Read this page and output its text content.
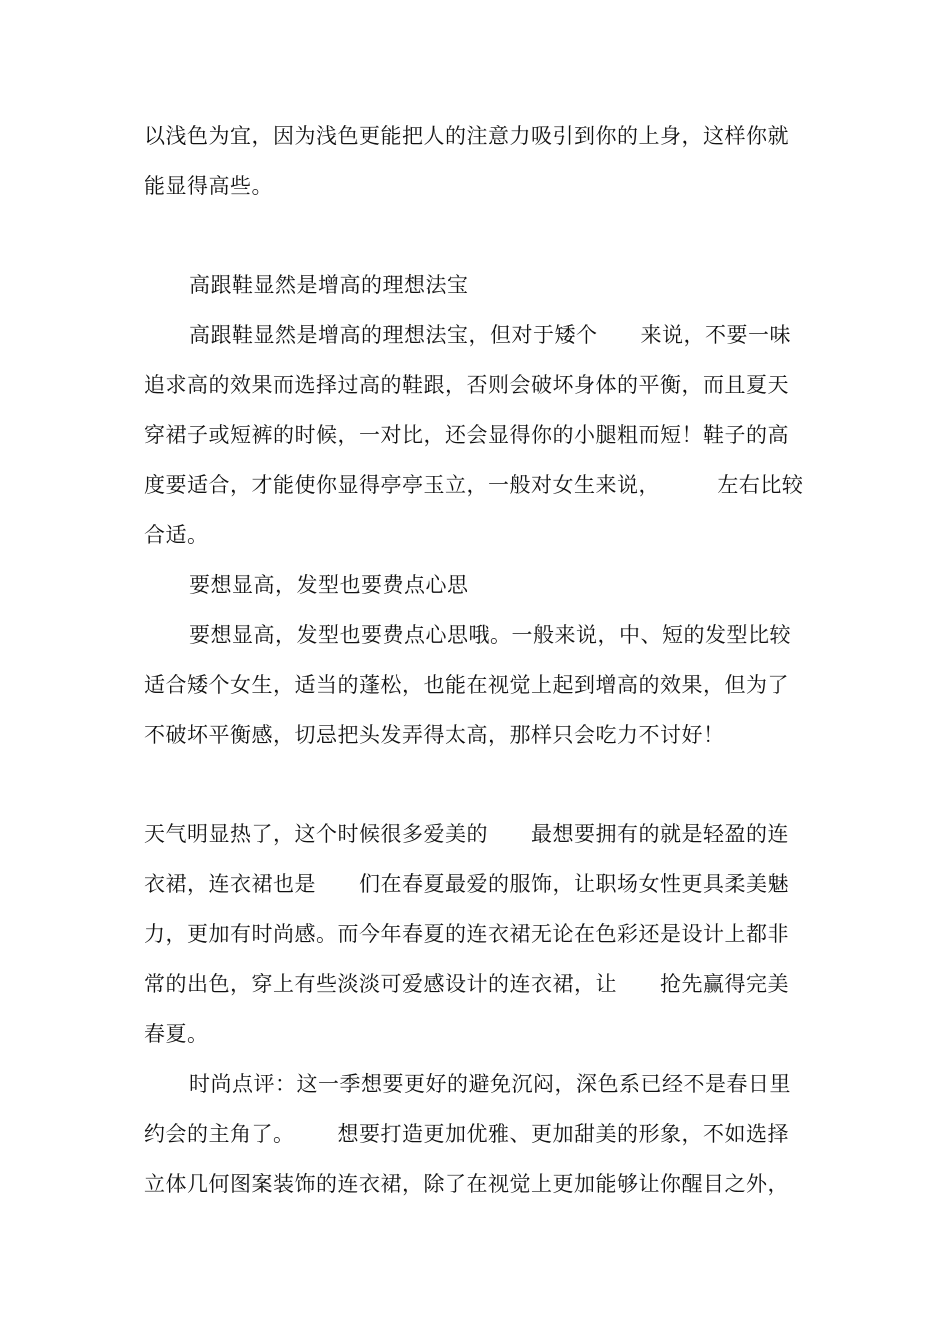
以浅色为宜，因为浅色更能把人的注意力吸引到你的上身，这样你就
能显得高些。
高跟鞋显然是增高的理想法宝
高跟鞋显然是增高的理想法宝，但对于矮个      来说，不要一味
追求高的效果而选择过高的鞋跟，否则会破坏身体的平衡，而且夏天
穿裙子或短裤的时候，一对比，还会显得你的小腿粗而短！鞋子的高
度要适合，才能使你显得亭亭玉立，一般对女生来说，        左右比较
合适。
要想显高，发型也要费点心思
要想显高，发型也要费点心思哦。一般来说，中、短的发型比较
适合矮个女生，适当的蓬松，也能在视觉上起到增高的效果，但为了
不破坏平衡感，切忌把头发弄得太高，那样只会吃力不讨好！
天气明显热了，这个时候很多爱美的      最想要拥有的就是轻盈的连
衣裙，连衣裙也是      们在春夏最爱的服饰，让职场女性更具柔美魅
力，更加有时尚感。而今年春夏的连衣裙无论在色彩还是设计上都非
常的出色，穿上有些淡淡可爱感设计的连衣裙，让      抢先赢得完美
春夏。
时尚点评：这一季想要更好的避免沉闷，深色系已经不是春日里
约会的主角了。      想要打造更加优雅、更加甜美的形象，不如选择
立体几何图案装饰的连衣裙，除了在视觉上更加能够让你醒目之外，
